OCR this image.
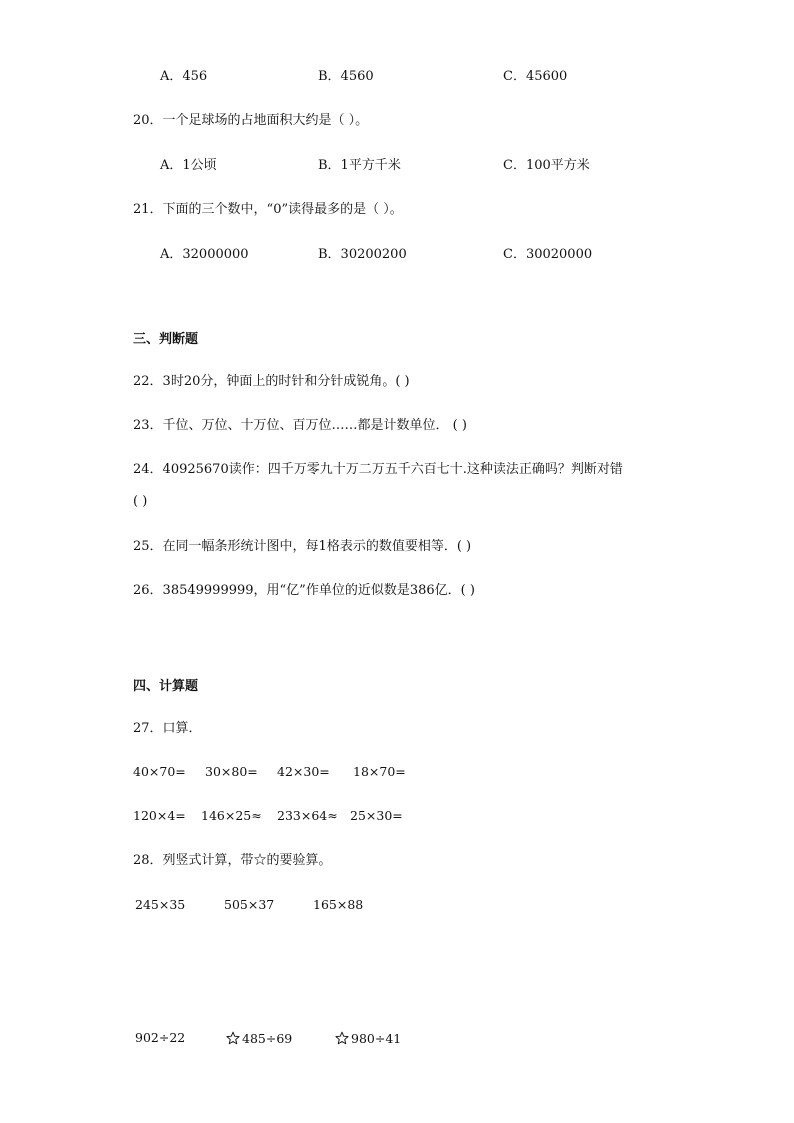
A．456	B．4560	C．45600
20．一个足球场的占地面积大约是（ ）。
A．1公顷	B．1平方千米	C．100平方米
21．下面的三个数中，“0”读得最多的是（ ）。
A．32000000	B．30200200	C．30020000
三、判断题
22．3时20分，钟面上的时针和分针成锐角。( )
23．千位、万位、十万位、百万位……都是计数单位． ( )
24．40925670读作：四千万零九十万二万五千六百七十.这种读法正确吗？判断对错
( )
25．在同一幅条形统计图中，每1格表示的数值要相等．( )
26．38549999999，用“亿”作单位的近似数是386亿．( )
四、计算题
27．口算．
40×70= 30×80= 42×30= 18×70=
120×4= 146×25≈ 233×64≈ 25×30=
28．列竖式计算，带☆的要验算。
245×35	505×37	165×88
902÷22	485÷69	980÷41
